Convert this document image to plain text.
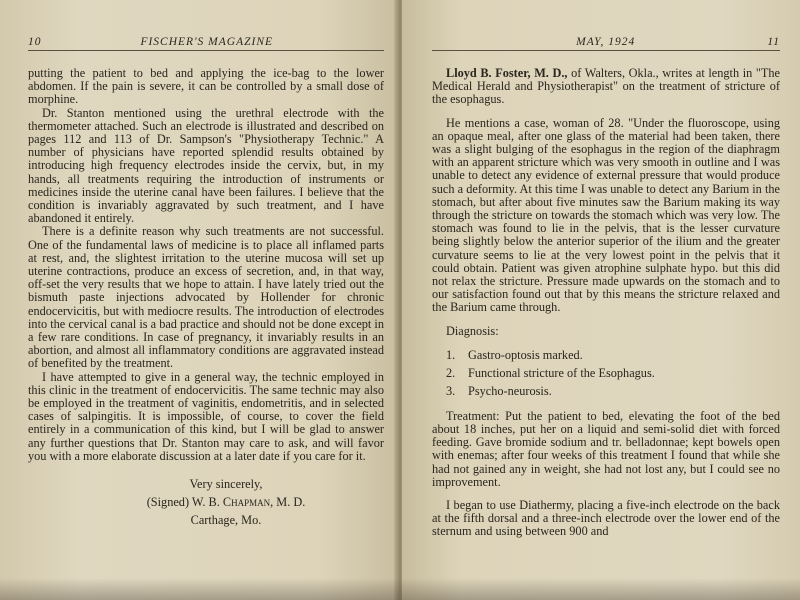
10	FISCHER'S MAGAZINE

putting the patient to bed and applying the ice-bag to the lower abdomen. If the pain is severe, it can be controlled by a small dose of morphine.

Dr. Stanton mentioned using the urethral electrode with the thermometer attached. Such an electrode is illustrated and described on pages 112 and 113 of Dr. Sampson's "Physiotherapy Technic." A number of physicians have reported splendid results obtained by introducing high frequency electrodes inside the cervix, but, in my hands, all treatments requiring the introduction of instruments or medicines inside the uterine canal have been failures. I believe that the condition is invariably aggravated by such treatment, and I have abandoned it entirely.

There is a definite reason why such treatments are not successful. One of the fundamental laws of medicine is to place all inflamed parts at rest, and, the slightest irritation to the uterine mucosa will set up uterine contractions, produce an excess of secretion, and, in that way, off-set the very results that we hope to attain. I have lately tried out the bismuth paste injections advocated by Hollender for chronic endocervicitis, but with mediocre results. The introduction of electrodes into the cervical canal is a bad practice and should not be done except in a few rare conditions. In case of pregnancy, it invariably results in an abortion, and almost all inflammatory conditions are aggravated instead of benefited by the treatment.

I have attempted to give in a general way, the technic employed in this clinic in the treatment of endocervicitis. The same technic may also be employed in the treatment of vaginitis, endometritis, and in selected cases of salpingitis. It is impossible, of course, to cover the field entirely in a communication of this kind, but I will be glad to answer any further questions that Dr. Stanton may care to ask, and will favor you with a more elaborate discussion at a later date if you care for it.

Very sincerely,
(Signed) W. B. Chapman, M. D.
Carthage, Mo.
MAY, 1924	11

Lloyd B. Foster, M. D., of Walters, Okla., writes at length in "The Medical Herald and Physiotherapist" on the treatment of stricture of the esophagus.

He mentions a case, woman of 28. "Under the fluoroscope, using an opaque meal, after one glass of the material had been taken, there was a slight bulging of the esophagus in the region of the diaphragm with an apparent stricture which was very smooth in outline and I was unable to detect any evidence of external pressure that would produce such a deformity. At this time I was unable to detect any Barium in the stomach, but after about five minutes saw the Barium making its way through the stricture on towards the stomach which was very low. The stomach was found to lie in the pelvis, that is the lesser curvature being slightly below the anterior superior of the ilium and the greater curvature seems to lie at the very lowest point in the pelvis that it could obtain. Patient was given atrophine sulphate hypo. but this did not relax the stricture. Pressure made upwards on the stomach and to our satisfaction found out that by this means the stricture relaxed and the Barium came through.

Diagnosis:

1.	Gastro-optosis marked.
2.	Functional stricture of the Esophagus.
3.	Psycho-neurosis.

Treatment: Put the patient to bed, elevating the foot of the bed about 18 inches, put her on a liquid and semi-solid diet with forced feeding. Gave bromide sodium and tr. belladonnae; kept bowels open with enemas; after four weeks of this treatment I found that while she had not gained any in weight, she had not lost any, but I could see no improvement.

I began to use Diathermy, placing a five-inch electrode on the back at the fifth dorsal and a three-inch electrode over the lower end of the sternum and using between 900 and
